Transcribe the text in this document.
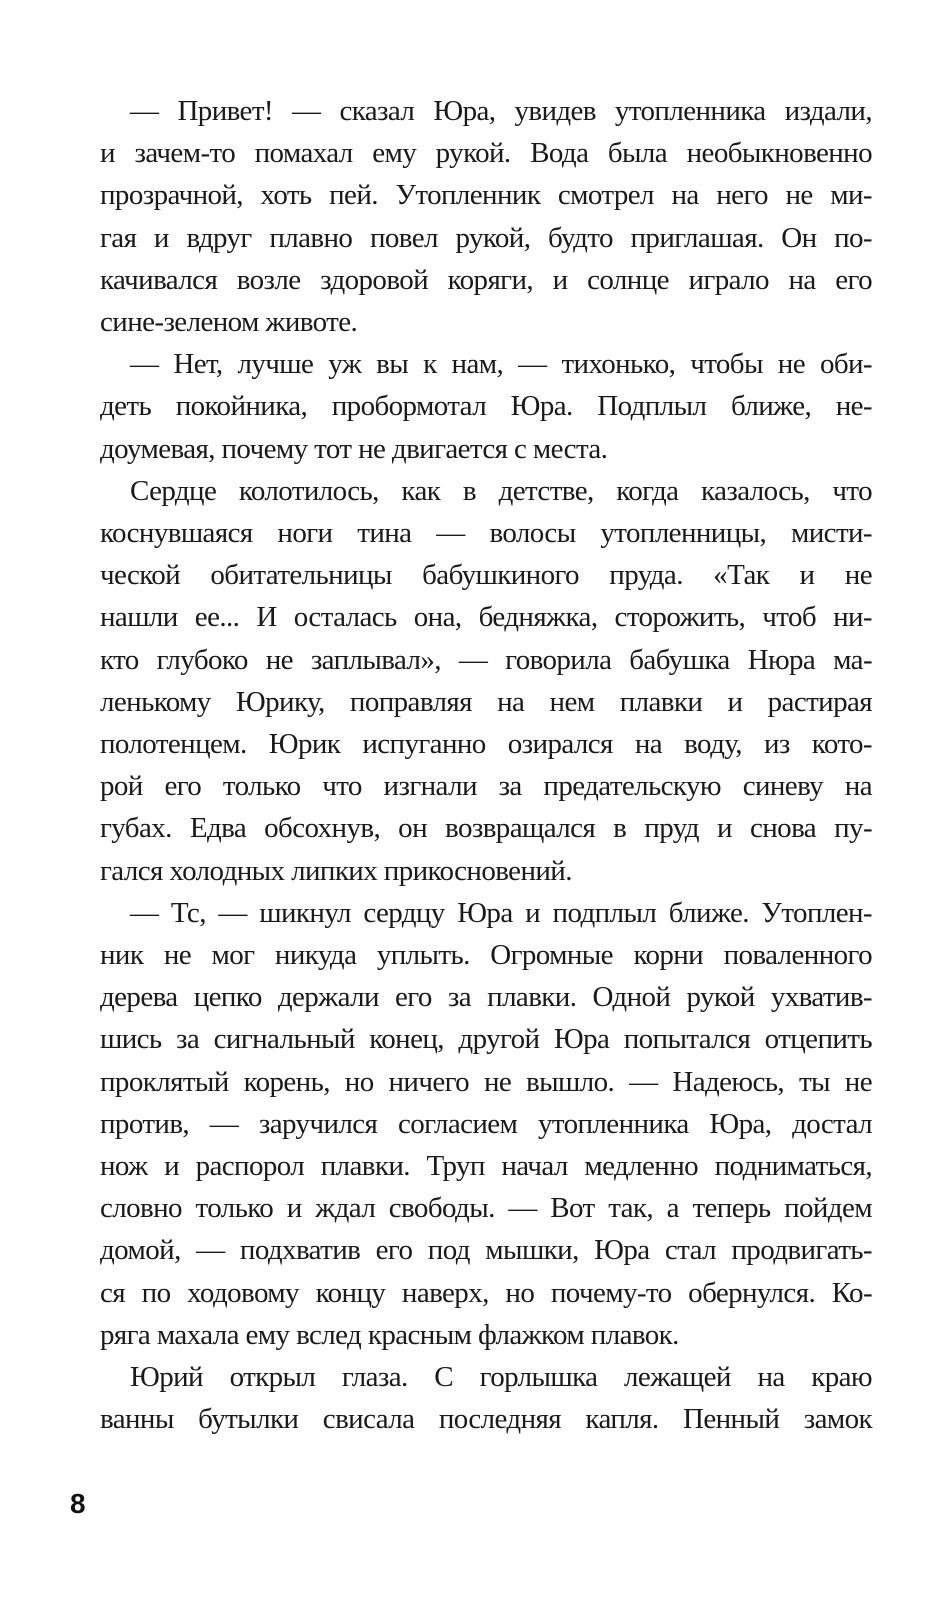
— Привет! — сказал Юра, увидев утопленника издали,
и зачем-то помахал ему рукой. Вода была необыкновенно
прозрачной, хоть пей. Утопленник смотрел на него не ми-
гая и вдруг плавно повел рукой, будто приглашая. Он по-
качивался возле здоровой коряги, и солнце играло на его
сине-зеленом животе.
— Нет, лучше уж вы к нам, — тихонько, чтобы не оби-
деть покойника, пробормотал Юра. Подплыл ближе, не-
доумевая, почему тот не двигается с места.
Сердце колотилось, как в детстве, когда казалось, что
коснувшаяся ноги тина — волосы утопленницы, мисти-
ческой обитательницы бабушкиного пруда. «Так и не
нашли ее... И осталась она, бедняжка, сторожить, чтоб ни-
кто глубоко не заплывал», — говорила бабушка Нюра ма-
ленькому Юрику, поправляя на нем плавки и растирая
полотенцем. Юрик испуганно озирался на воду, из кото-
рой его только что изгнали за предательскую синеву на
губах. Едва обсохнув, он возвращался в пруд и снова пу-
гался холодных липких прикосновений.
— Тс, — шикнул сердцу Юра и подплыл ближе. Утоплен-
ник не мог никуда уплыть. Огромные корни поваленного
дерева цепко держали его за плавки. Одной рукой ухватив-
шись за сигнальный конец, другой Юра попытался отцепить
проклятый корень, но ничего не вышло. — Надеюсь, ты не
против, — заручился согласием утопленника Юра, достал
нож и распорол плавки. Труп начал медленно подниматься,
словно только и ждал свободы. — Вот так, а теперь пойдем
домой, — подхватив его под мышки, Юра стал продвигать-
ся по ходовому концу наверх, но почему-то обернулся. Ко-
ряга махала ему вслед красным флажком плавок.
Юрий открыл глаза. С горлышка лежащей на краю
ванны бутылки свисала последняя капля. Пенный замок
8
